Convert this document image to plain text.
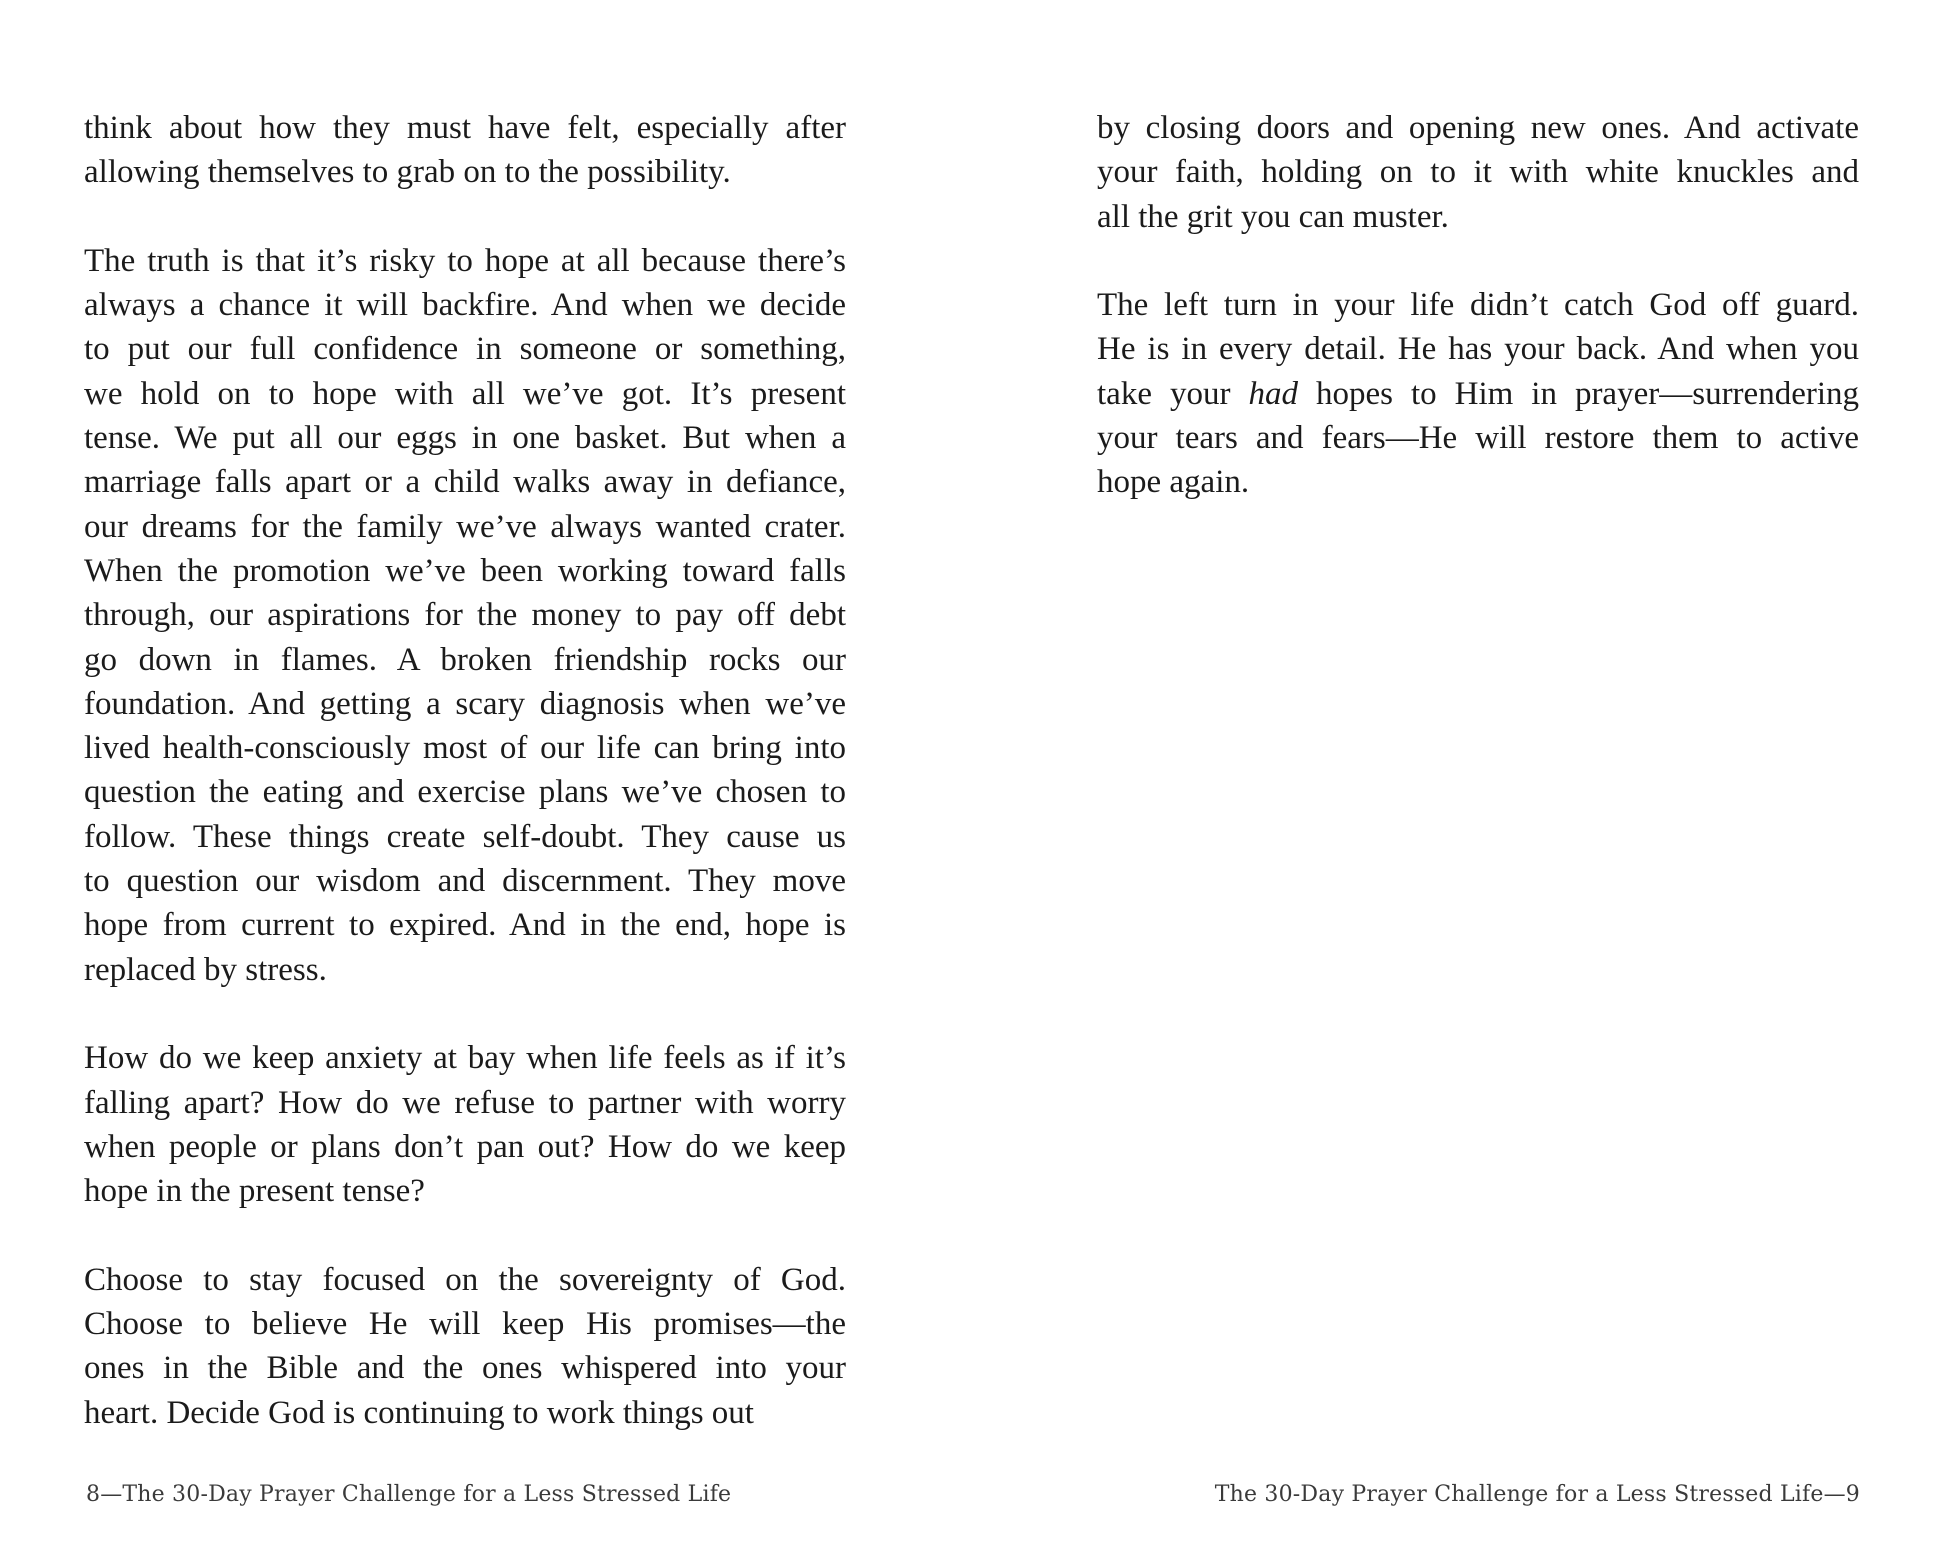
think about how they must have felt, especially after
allowing themselves to grab on to the possibility.
The truth is that it’s risky to hope at all because there’s
always a chance it will backfire. And when we decide
to put our full confidence in someone or something,
we hold on to hope with all we’ve got. It’s present
tense. We put all our eggs in one basket. But when a
marriage falls apart or a child walks away in defiance,
our dreams for the family we’ve always wanted crater.
When the promotion we’ve been working toward falls
through, our aspirations for the money to pay off debt
go down in flames. A broken friendship rocks our
foundation. And getting a scary diagnosis when we’ve
lived health-consciously most of our life can bring into
question the eating and exercise plans we’ve chosen to
follow. These things create self-doubt. They cause us
to question our wisdom and discernment. They move
hope from current to expired. And in the end, hope is
replaced by stress.
How do we keep anxiety at bay when life feels as if it’s
falling apart? How do we refuse to partner with worry
when people or plans don’t pan out? How do we keep
hope in the present tense?
Choose to stay focused on the sovereignty of God.
Choose to believe He will keep His promises—the
ones in the Bible and the ones whispered into your
heart. Decide God is continuing to work things out
by closing doors and opening new ones. And activate
your faith, holding on to it with white knuckles and
all the grit you can muster.
The left turn in your life didn’t catch God off guard.
He is in every detail. He has your back. And when you
take your had hopes to Him in prayer—surrendering
your tears and fears—He will restore them to active
hope again.
8—The 30-Day Prayer Challenge for a Less Stressed Life	The 30-Day Prayer Challenge for a Less Stressed Life—9
